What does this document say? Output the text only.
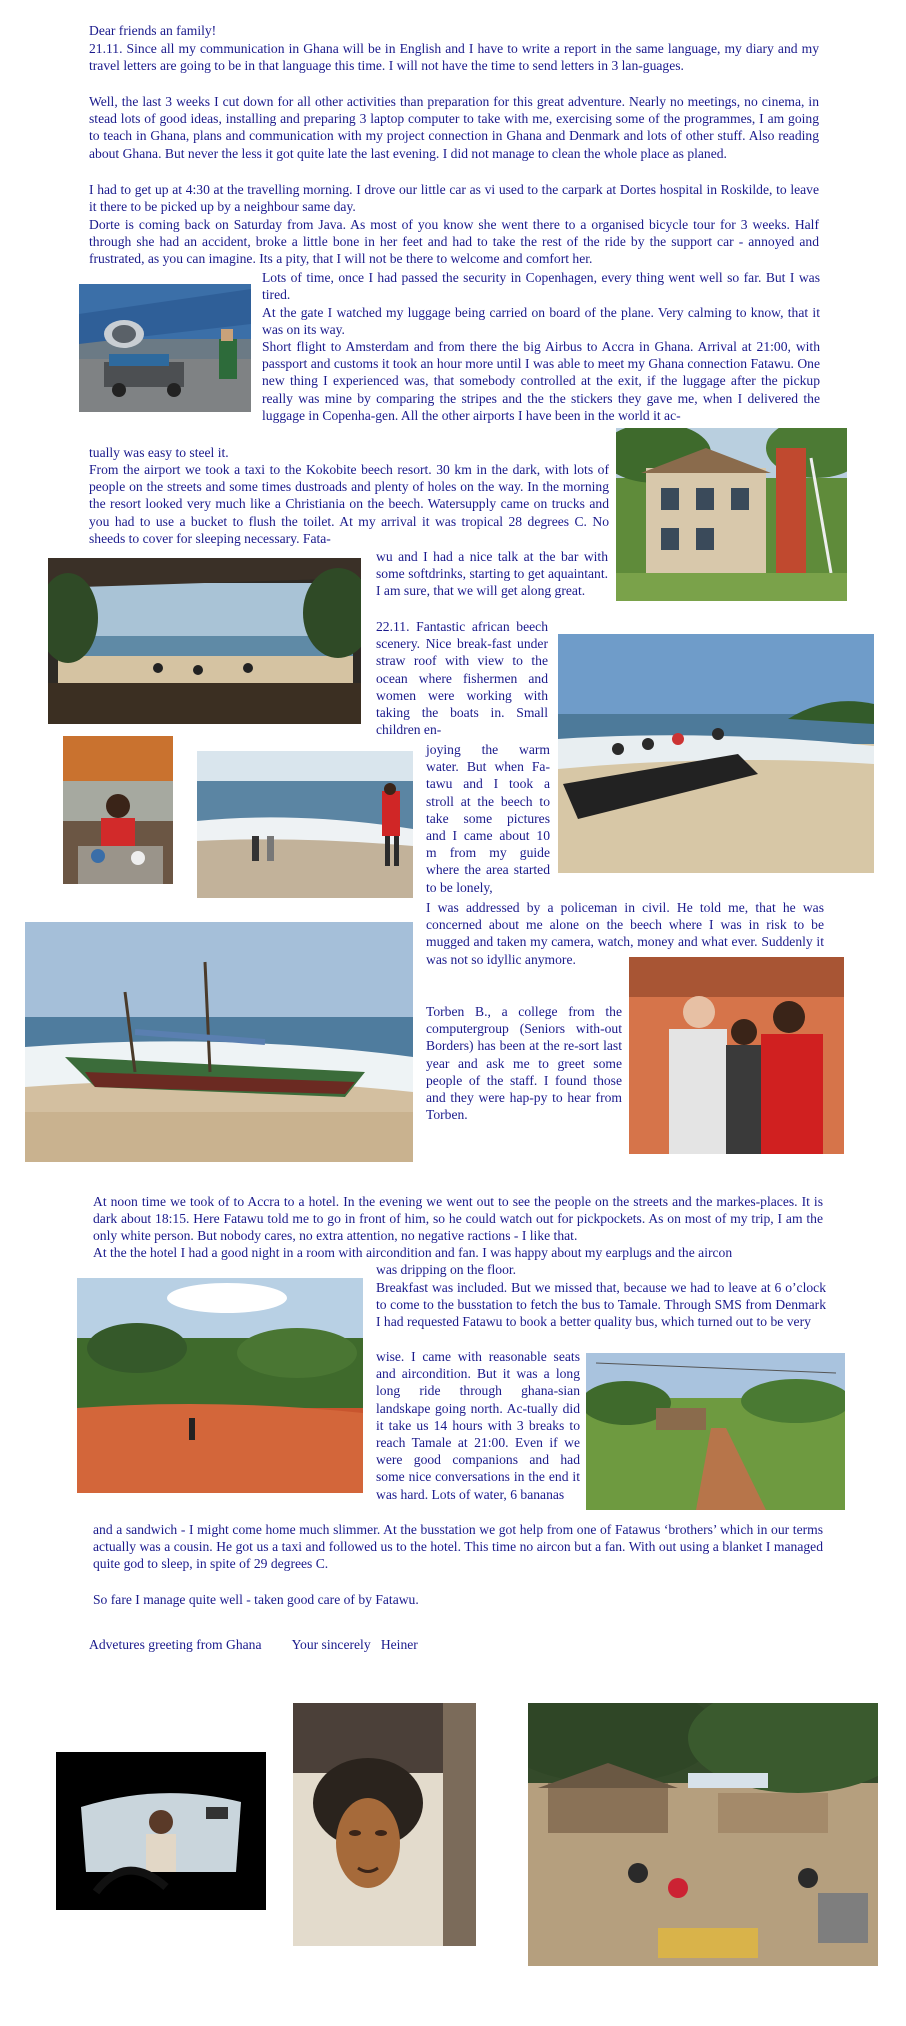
Dear friends an family!

21.11. Since all my communication in Ghana will be in English and I have to write a report in the same language, my diary and my travel letters are going to be in that language this time. I will not have the time to send letters in 3 lan-guages.

Well, the last 3 weeks I cut down for all other activities than preparation for this great adventure. Nearly no meetings, no cinema, in stead lots of good ideas, installing and preparing 3 laptop computer to take with me, exercising some of the programmes, I am going to teach in Ghana, plans and communication with my project connection in Ghana and Denmark and lots of other stuff. Also reading about Ghana. But never the less it got quite late the last evening. I did not manage to clean the whole place as planed.

I had to get up at 4:30 at the travelling morning. I drove our little car as vi used to the carpark at Dortes hospital in Roskilde, to leave it there to be picked up by a neighbour same day.

Dorte is coming back on Saturday from Java. As most of you know she went there to a organised bicycle tour for 3 weeks. Half through she had an accident, broke a little bone in her feet and had to take the rest of the ride by the support car - annoyed and frustrated, as you can imagine. Its a pity, that I will not be there to welcome and comfort her.

Lots of time, once I had passed the security in Copenhagen, every thing went well so far. But I was tired.

At the gate I watched my luggage being carried on board of the plane. Very calming to know, that it was on its way.

Short flight to Amsterdam and from there the big Airbus to Accra in Ghana. Arrival at 21:00, with passport and customs it took an hour more until I was able to meet my Ghana connection Fatawu. One new thing I experienced was, that somebody controlled at the exit, if the luggage after the pickup really was mine by comparing the stripes and the the stickers they gave me, when I delivered the luggage in Copenha-gen. All the other airports I have been in the world it ac-

tually was easy to steel it.

From the airport we took a taxi to the Kokobite beech resort. 30 km in the dark, with lots of people on the streets and some times dustroads and plenty of holes on the way. In the morning the resort looked very much like a Christiania on the beech. Watersupply came on trucks and you had to use a bucket to flush the toilet. At my arrival it was tropical 28 degrees C. No sheeds to cover for sleeping necessary. Fata-

wu and I had a nice talk at the bar with some softdrinks, starting to get aquaintant. I am sure, that we will get along great.

22.11. Fantastic african beech scenery. Nice break-fast under straw roof with view to the ocean where fishermen and women were working with taking the boats in. Small children en-

joying the warm water. But when Fa-tawu and I took a stroll at the beech to take some pictures and I came about 10 m from my guide where the area started to be lonely,

I was addressed by a policeman in civil. He told me, that he was concerned about me alone on the beech where I was in risk to be mugged and taken my camera, watch, money and what ever. Suddenly it was not so idyllic anymore.

Torben B., a college from the computergroup (Seniors with-out Borders) has been at the re-sort last year and ask me to greet some people of the staff. I found those and they were hap-py to hear from Torben.

At noon time we took of to Accra to a hotel. In the evening we went out to see the people on the streets and the markes-places. It is dark about 18:15. Here Fatawu told me to go in front of him, so he could watch out for pickpockets. As on most of my trip, I am the only white person. But nobody cares, no extra attention, no negative ractions - I like that.

At the the hotel I had a good night in a room with aircondition and fan. I was happy about my earplugs and the aircon

was dripping on the floor.

Breakfast was included. But we missed that, because we had to leave at 6 o’clock to come to the busstation to fetch the bus to Tamale. Through SMS from Denmark I had requested Fatawu to book a better quality bus, which turned out to be very

wise. I came with reasonable seats and aircondition. But it was a long long ride through ghana-sian landskape going north. Ac-tually did it take us 14 hours with 3 breaks to reach Tamale at 21:00. Even if we were good companions and had some nice conversations in the end it was hard. Lots of water, 6 bananas

and a sandwich - I might come home much slimmer. At the busstation we got help from one of Fatawus ‘brothers’ which in our terms actually was a cousin. He got us a taxi and followed us to the hotel. This time no aircon but a fan. With out using a blanket I managed quite god to sleep, in spite of 29 degrees C.

So fare I manage quite well - taken good care of by Fatawu.

Advetures greeting from Ghana         Your sincerely   Heiner
